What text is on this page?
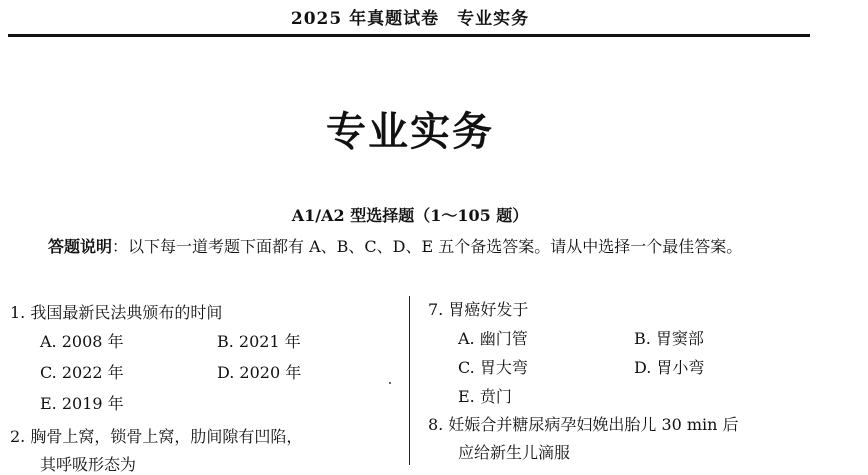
2025 年真题试卷　专业实务
专业实务
A1/A2 型选择题（1～105 题）
答题说明：以下每一道考题下面都有 A、B、C、D、E 五个备选答案。请从中选择一个最佳答案。
1. 我国最新民法典颁布的时间
A. 2008 年	B. 2021 年
C. 2022 年	D. 2020 年
E. 2019 年
2. 胸骨上窝，锁骨上窝，肋间隙有凹陷，
其呼吸形态为
7. 胃癌好发于
A. 幽门管	B. 胃窦部
C. 胃大弯	D. 胃小弯
E. 贲门
8. 妊娠合并糖尿病孕妇娩出胎儿 30 min 后
应给新生儿滴服
